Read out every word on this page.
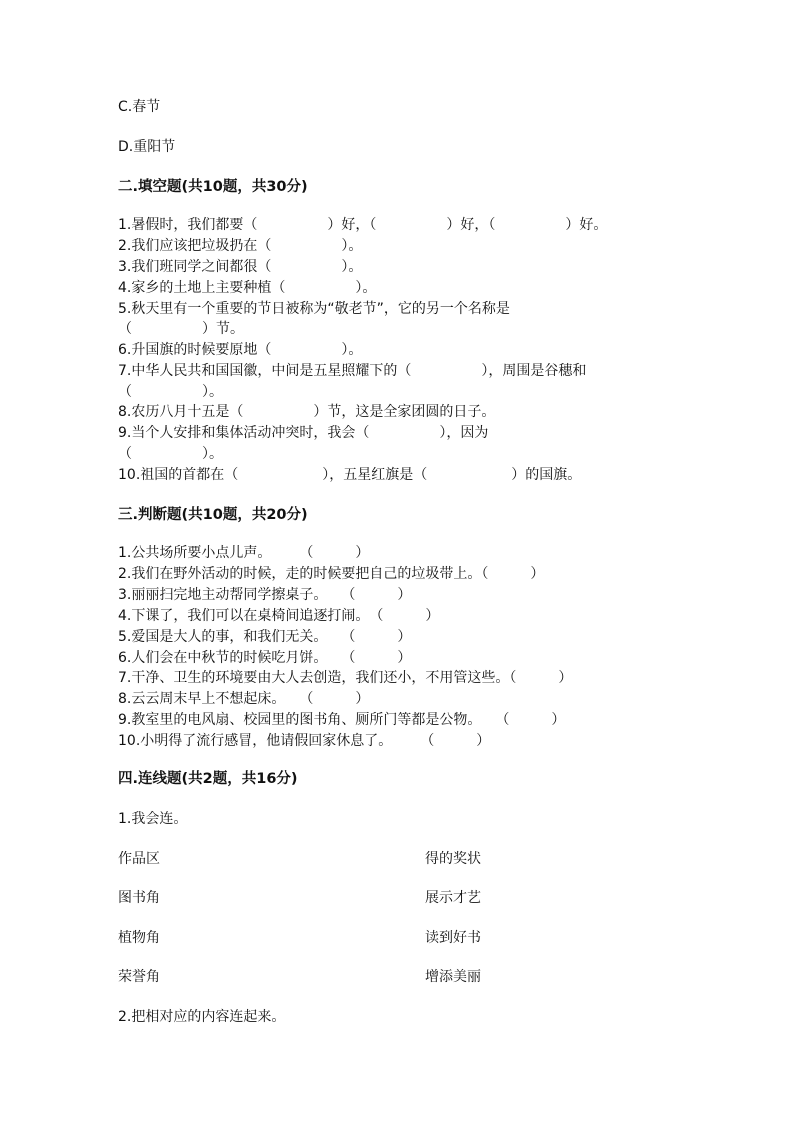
C.春节
D.重阳节
二.填空题(共10题，共30分)
1.暑假时，我们都要（　　　　　）好，（　　　　　）好，（　　　　　）好。
2.我们应该把垃圾扔在（　　　　　）。
3.我们班同学之间都很（　　　　　）。
4.家乡的土地上主要种植（　　　　　）。
5.秋天里有一个重要的节日被称为“敬老节”，它的另一个名称是
（　　　　　）节。
6.升国旗的时候要原地（　　　　　）。
7.中华人民共和国国徽，中间是五星照耀下的（　　　　　），周围是谷穗和
（　　　　　）。
8.农历八月十五是（　　　　　）节，这是全家团圆的日子。
9.当个人安排和集体活动冲突时，我会（　　　　　），因为
（　　　　　）。
10.祖国的首都在（　　　　　　），五星红旗是（　　　　　　）的国旗。
三.判断题(共10题，共20分)
1.公共场所要小点儿声。　　　（　　　）
2.我们在野外活动的时候，走的时候要把自己的垃圾带上。（　　　）
3.丽丽扫完地主动帮同学擦桌子。　　（　　　）
4.下课了，我们可以在桌椅间追逐打闹。　（　　　）
5.爱国是大人的事，和我们无关。　　（　　　）
6.人们会在中秋节的时候吃月饼。　　（　　　）
7.干净、卫生的环境要由大人去创造，我们还小，不用管这些。（　　　）
8.云云周末早上不想起床。　　（　　　）
9.教室里的电风扇、校园里的图书角、厕所门等都是公物。　　（　　　）
10.小明得了流行感冒，他请假回家休息了。　　　（　　　）
四.连线题(共2题，共16分)
1.我会连。
作品区	得的奖状
图书角	展示才艺
植物角	读到好书
荣誉角	增添美丽
2.把相对应的内容连起来。
